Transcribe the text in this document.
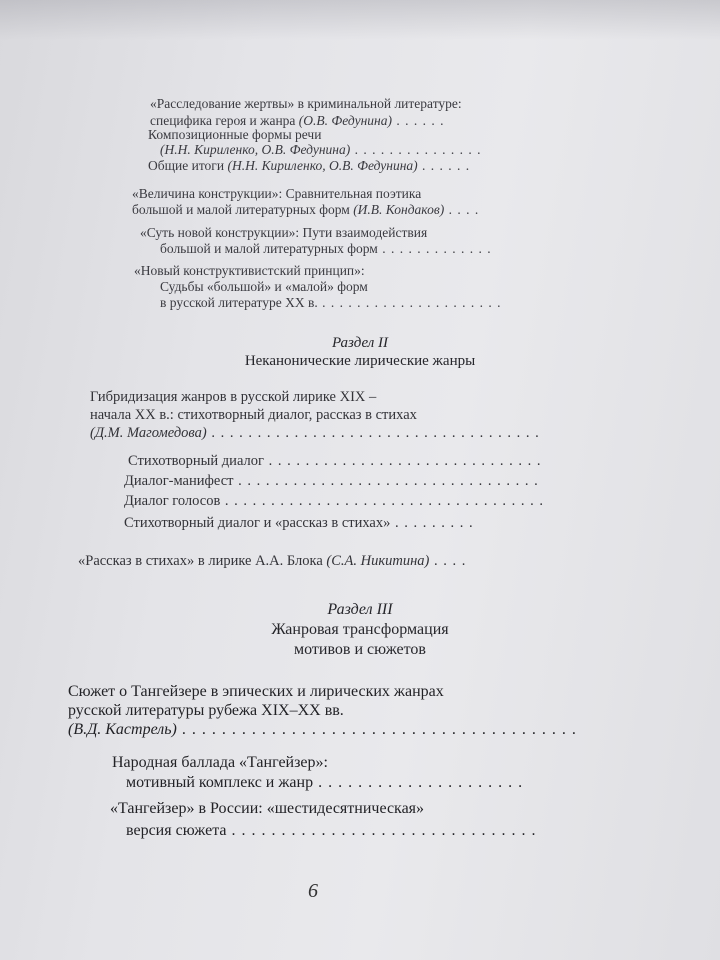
«Расследование жертвы» в криминальной литературе:
специфика героя и жанра (О.В. Федунина) . . . . . .
Композиционные формы речи
(Н.Н. Кириленко, О.В. Федунина) . . . . . . . . . . . . . . .
Общие итоги (Н.Н. Кириленко, О.В. Федунина) . . . . . .
«Величина конструкции»: Сравнительная поэтика
большой и малой литературных форм (И.В. Кондаков) . . . .
«Суть новой конструкции»: Пути взаимодействия
большой и малой литературных форм . . . . . . . . . . . . .
«Новый конструктивистский принцип»:
Судьбы «большой» и «малой» форм
в русской литературе XX в. . . . . . . . . . . . . . . . . . . . . .
Раздел II
Неканонические лирические жанры
Гибридизация жанров в русской лирике XIX –
начала XX в.: стихотворный диалог, рассказ в стихах
(Д.М. Магомедова) . . . . . . . . . . . . . . . . . . . . . . . . . . . . . . . . . . . .
Стихотворный диалог . . . . . . . . . . . . . . . . . . . . . . . . . . . . . .
Диалог-манифест . . . . . . . . . . . . . . . . . . . . . . . . . . . . . . . . .
Диалог голосов . . . . . . . . . . . . . . . . . . . . . . . . . . . . . . . . . . .
Стихотворный диалог и «рассказ в стихах» . . . . . . . . .
«Рассказ в стихах» в лирике А.А. Блока (С.А. Никитина) . . . .
Раздел III
Жанровая трансформация
мотивов и сюжетов
Сюжет о Тангейзере в эпических и лирических жанрах
русской литературы рубежа XIX–XX вв.
(В.Д. Кастрель) . . . . . . . . . . . . . . . . . . . . . . . . . . . . . . . . . . . . . . . .
Народная баллада «Тангейзер»:
мотивный комплекс и жанр . . . . . . . . . . . . . . . . . . . . .
«Тангейзер» в России: «шестидесятническая»
версия сюжета . . . . . . . . . . . . . . . . . . . . . . . . . . . . . . .
6
